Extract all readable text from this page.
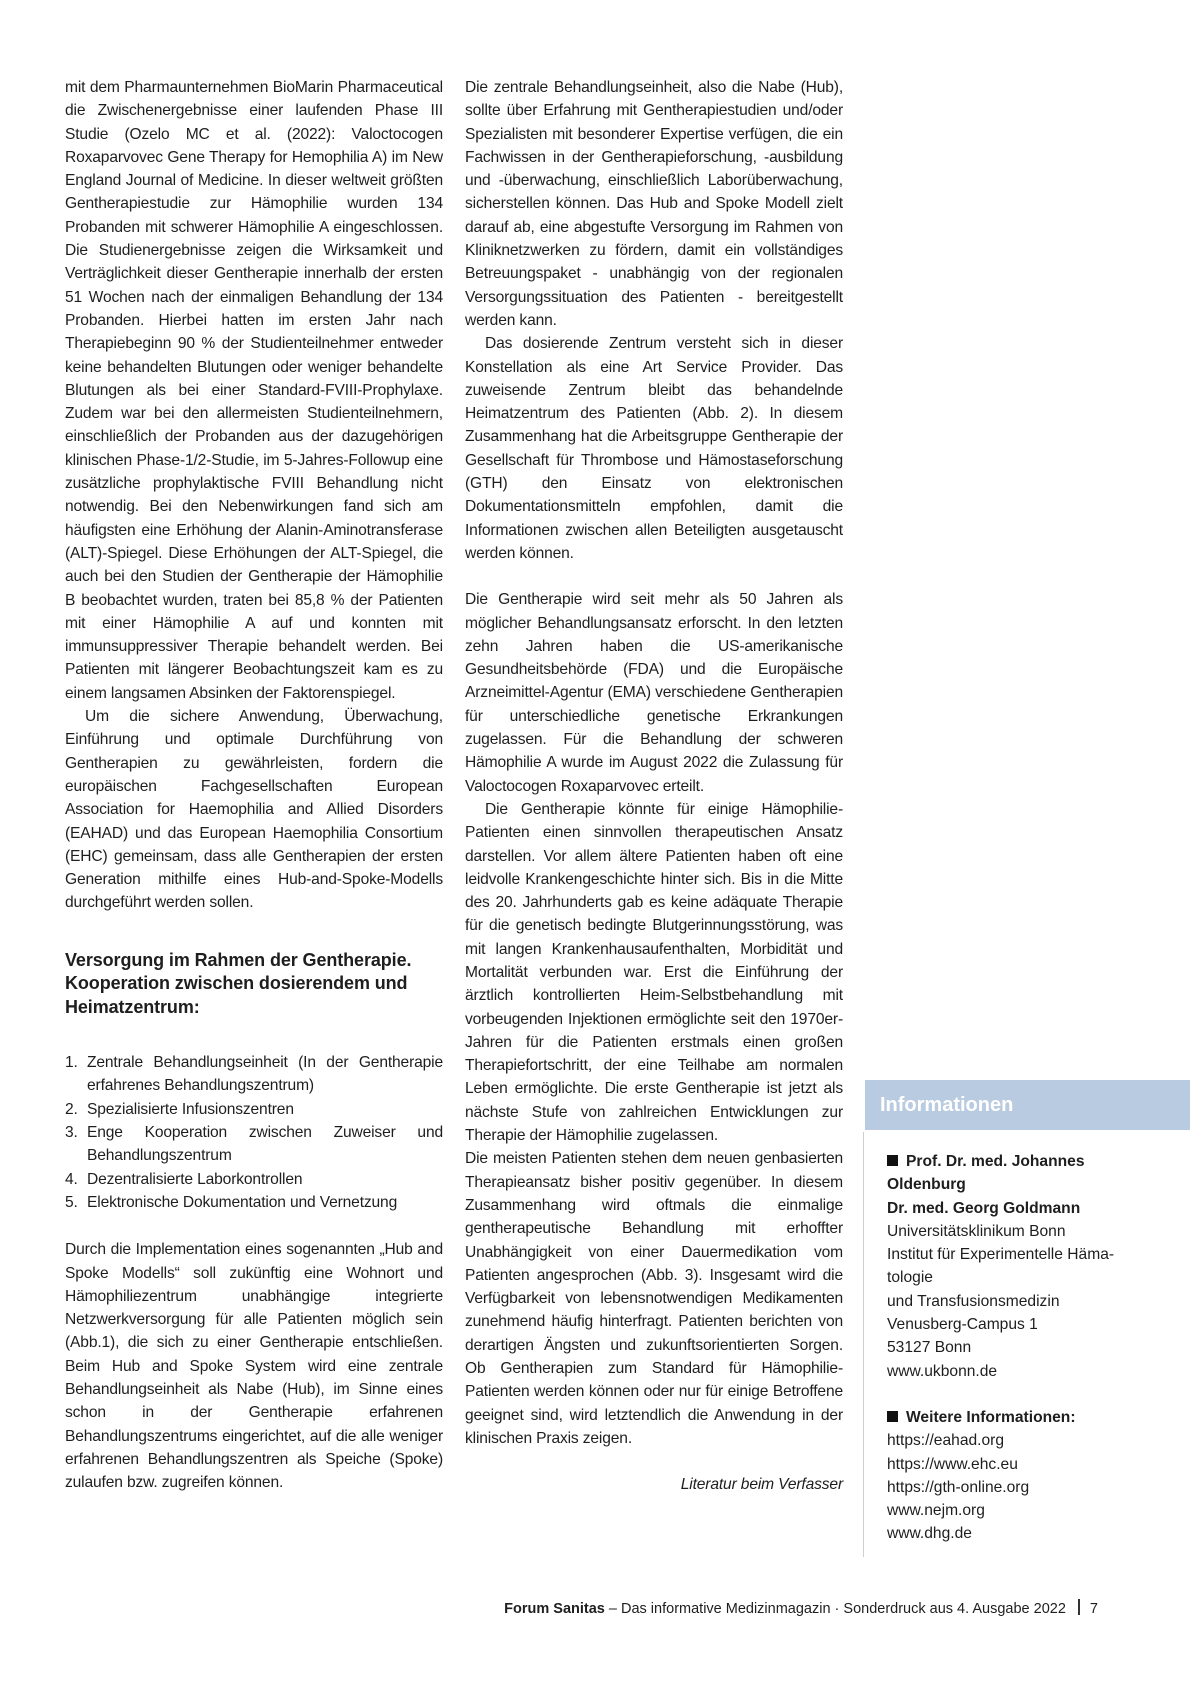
mit dem Pharmaunternehmen BioMarin Pharmaceutical die Zwischenergebnisse einer laufenden Phase III Studie (Ozelo MC et al. (2022): Valoctocogen Roxaparvovec Gene Therapy for Hemophilia A) im New England Journal of Medicine. In dieser weltweit größten Gentherapiestudie zur Hämophilie wurden 134 Probanden mit schwerer Hämophilie A eingeschlossen. Die Studienergebnisse zeigen die Wirksamkeit und Verträglichkeit dieser Gentherapie innerhalb der ersten 51 Wochen nach der einmaligen Behandlung der 134 Probanden. Hierbei hatten im ersten Jahr nach Therapiebeginn 90 % der Studienteilnehmer entweder keine behandelten Blutungen oder weniger behandelte Blutungen als bei einer Standard-FVIII-Prophylaxe. Zudem war bei den allermeisten Studienteilnehmern, einschließlich der Probanden aus der dazugehörigen klinischen Phase-1/2-Studie, im 5-Jahres-Followup eine zusätzliche prophylaktische FVIII Behandlung nicht notwendig. Bei den Nebenwirkungen fand sich am häufigsten eine Erhöhung der Alanin-Aminotransferase (ALT)-Spiegel. Diese Erhöhungen der ALT-Spiegel, die auch bei den Studien der Gentherapie der Hämophilie B beobachtet wurden, traten bei 85,8 % der Patienten mit einer Hämophilie A auf und konnten mit immunsuppressiver Therapie behandelt werden. Bei Patienten mit längerer Beobachtungszeit kam es zu einem langsamen Absinken der Faktorenspiegel.

Um die sichere Anwendung, Überwachung, Einführung und optimale Durchführung von Gentherapien zu gewährleisten, fordern die europäischen Fachgesellschaften European Association for Haemophilia and Allied Disorders (EAHAD) und das European Haemophilia Consortium (EHC) gemeinsam, dass alle Gentherapien der ersten Generation mithilfe eines Hub-and-Spoke-Modells durchgeführt werden sollen.

Versorgung im Rahmen der Gentherapie. Kooperation zwischen dosierendem und Heimatzentrum:
1. Zentrale Behandlungseinheit (In der Gentherapie erfahrenes Behandlungszentrum)
2. Spezialisierte Infusionszentren
3. Enge Kooperation zwischen Zuweiser und Behandlungszentrum
4. Dezentralisierte Laborkontrollen
5. Elektronische Dokumentation und Vernetzung

Durch die Implementation eines sogenannten „Hub and Spoke Modells“ soll zukünftig eine Wohnort und Hämophiliezentrum unabhängige integrierte Netzwerkversorgung für alle Patienten möglich sein (Abb.1), die sich zu einer Gentherapie entschließen. Beim Hub and Spoke System wird eine zentrale Behandlungseinheit als Nabe (Hub), im Sinne eines schon in der Gentherapie erfahrenen Behandlungszentrums eingerichtet, auf die alle weniger erfahrenen Behandlungszentren als Speiche (Spoke) zulaufen bzw. zugreifen können.

Die zentrale Behandlungseinheit, also die Nabe (Hub), sollte über Erfahrung mit Gentherapiestudien und/oder Spezialisten mit besonderer Expertise verfügen, die ein Fachwissen in der Gentherapieforschung, -ausbildung und -überwachung, einschließlich Laborüberwachung, sicherstellen können. Das Hub and Spoke Modell zielt darauf ab, eine abgestufte Versorgung im Rahmen von Kliniknetzwerken zu fördern, damit ein vollständiges Betreuungspaket - unabhängig von der regionalen Versorgungssituation des Patienten - bereitgestellt werden kann.

Das dosierende Zentrum versteht sich in dieser Konstellation als eine Art Service Provider. Das zuweisende Zentrum bleibt das behandelnde Heimatzentrum des Patienten (Abb. 2). In diesem Zusammenhang hat die Arbeitsgruppe Gentherapie der Gesellschaft für Thrombose und Hämostaseforschung (GTH) den Einsatz von elektronischen Dokumentationsmitteln empfohlen, damit die Informationen zwischen allen Beteiligten ausgetauscht werden können.

Die Gentherapie wird seit mehr als 50 Jahren als möglicher Behandlungsansatz erforscht. In den letzten zehn Jahren haben die US-amerikanische Gesundheitsbehörde (FDA) und die Europäische Arzneimittel-Agentur (EMA) verschiedene Gentherapien für unterschiedliche genetische Erkrankungen zugelassen. Für die Behandlung der schweren Hämophilie A wurde im August 2022 die Zulassung für Valoctocogen Roxaparvovec erteilt.

Die Gentherapie könnte für einige Hämophilie-Patienten einen sinnvollen therapeutischen Ansatz darstellen. Vor allem ältere Patienten haben oft eine leidvolle Krankengeschichte hinter sich. Bis in die Mitte des 20. Jahrhunderts gab es keine adäquate Therapie für die genetisch bedingte Blutgerinnungsstörung, was mit langen Krankenhausaufenthalten, Morbidität und Mortalität verbunden war. Erst die Einführung der ärztlich kontrollierten Heim-Selbstbehandlung mit vorbeugenden Injektionen ermöglichte seit den 1970er-Jahren für die Patienten erstmals einen großen Therapiefortschritt, der eine Teilhabe am normalen Leben ermöglichte. Die erste Gentherapie ist jetzt als nächste Stufe von zahlreichen Entwicklungen zur Therapie der Hämophilie zugelassen.

Die meisten Patienten stehen dem neuen genbasierten Therapieansatz bisher positiv gegenüber. In diesem Zusammenhang wird oftmals die einmalige gentherapeutische Behandlung mit erhoffter Unabhängigkeit von einer Dauermedikation vom Patienten angesprochen (Abb. 3). Insgesamt wird die Verfügbarkeit von lebensnotwendigen Medikamenten zunehmend häufig hinterfragt. Patienten berichten von derartigen Ängsten und zukunftsorientierten Sorgen. Ob Gentherapien zum Standard für Hämophilie-Patienten werden können oder nur für einige Betroffene geeignet sind, wird letztendlich die Anwendung in der klinischen Praxis zeigen.

Literatur beim Verfasser

Informationen
Prof. Dr. med. Johannes
Oldenburg
Dr. med. Georg Goldmann
Universitätsklinikum Bonn
Institut für Experimentelle Häma-
tologie
und Transfusionsmedizin
Venusberg-Campus 1
53127 Bonn
www.ukbonn.de
Weitere Informationen:
https://eahad.org
https://www.ehc.eu
https://gth-online.org
www.nejm.org
www.dhg.de
Forum Sanitas – Das informative Medizinmagazin · Sonderdruck aus 4. Ausgabe 2022 7
